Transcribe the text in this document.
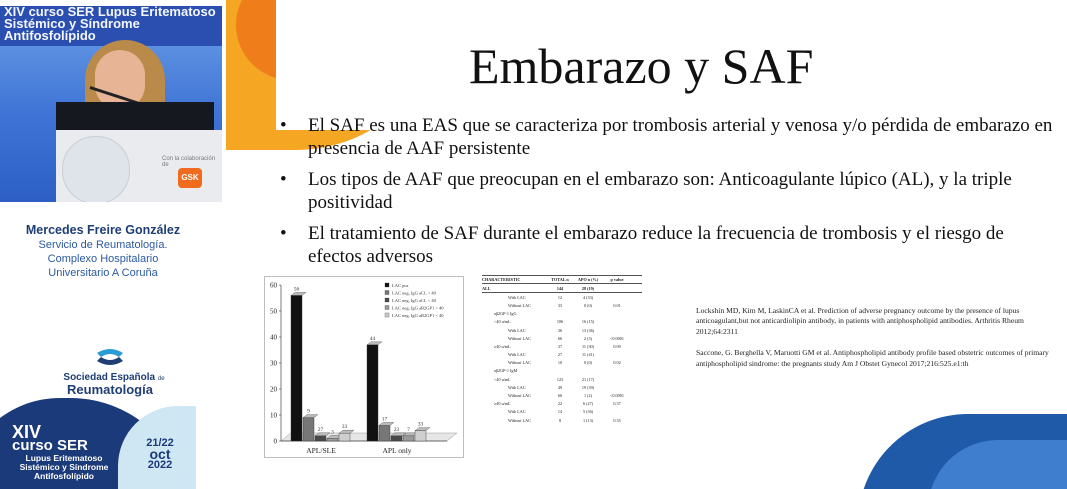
XIV curso SER Lupus Eritematoso Sistémico y Síndrome Antifosfolípido
Con la colaboración de
GSK
Mercedes Freire González
Servicio de Reumatología.
Complexo Hospitalario
Universitario A Coruña
Sociedad Española de
Reumatología
XIV
curso SER
Lupus Eritematoso
Sistémico y Síndrome
Antifosfolípido
21/22
oct
2022
Embarazo y SAF
• El SAF es una EAS que se caracteriza por trombosis arterial y venosa y/o pérdida de embarazo en presencia de AAF persistente
• Los tipos de AAF que preocupan en el embarazo son: Anticoagulante lúpico (AL), y la triple positividad
• El tratamiento de SAF durante el embarazo reduce la frecuencia de trombosis y el riesgo de efectos adversos
0
10
20
30
40
50
60	56
9
27 3
33
APL/SLE
44
17
23 7
33
APL only
LAC pos
LAC neg, IgG aCL > 40
LAC neg, IgG aCL < 40
LAC neg, IgG aB2GP1 > 40
LAC neg, IgG aB2GP1 < 40
CHARACTERISTIC	TOTAL n	APO n (%)	p value
ALL	144	28 (19)
With LAC	12	4 (33)
Without LAC	33	0 (0)	0.01
aβ2GP-1 IgG
<40 u/mL	106	16 (15)
With LAC	36	13 (36)
Without LAC	66	2 (3)	<0.0001
≥40 u/mL	37	11 (30)	0.09
With LAC	27	11 (41)
Without LAC	10	0 (0)	0.02
aβ2GP-1 IgM
<40 u/mL	123	21 (17)
With LAC	49	19 (39)
Without LAC	66	1 (2)	<0.0001
≥40 u/mL	22	6 (27)	0.37
With LAC	14	5 (36)
Without LAC	8	1 (13)	0.35

Lockshin MD, Kim M, LaskinCA et al. Prediction of adverse pregnancy outcome by the presence of lupus anticoagulant,but not anticardiolipin antibody, in patients with antiphospholipid antibodies. Arthritis Rheum 2012;64:2311

Saccone, G. Berghella V, Maruotti GM et al. Antiphospholipid antibody profile based obstetric outcomes of primary antiphospholipid sindrome: the pregnants study Am J Obstet Gynecol 2017;216:525.e1:th
